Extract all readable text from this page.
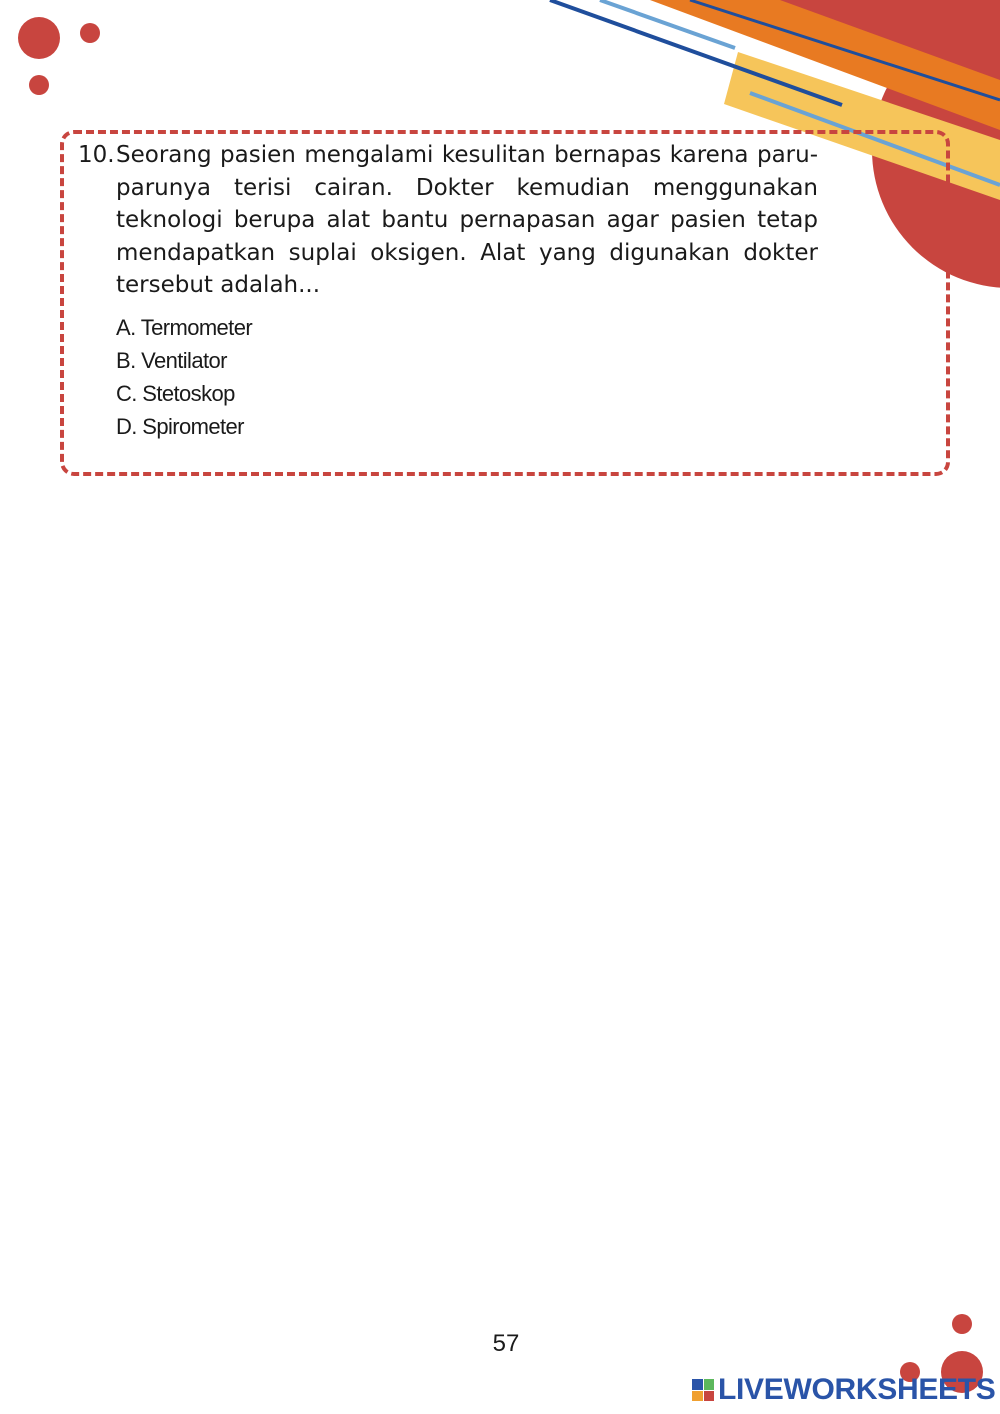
10. Seorang pasien mengalami kesulitan bernapas karena paru-parunya terisi cairan. Dokter kemudian menggunakan teknologi berupa alat bantu pernapasan agar pasien tetap mendapatkan suplai oksigen. Alat yang digunakan dokter tersebut adalah...

A. Termometer
B. Ventilator
C. Stetoskop
D. Spirometer
57
LIVEWORKSHEETS
